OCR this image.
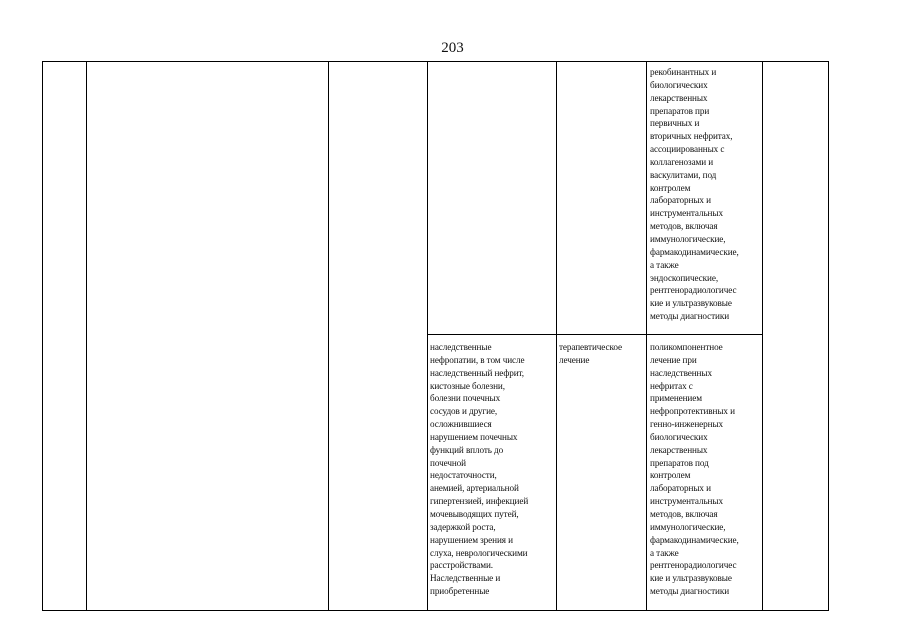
203
рекобинантных и
биологических
лекарственных
препаратов при
первичных и
вторичных нефритах,
ассоциированных с
коллагенозами и
васкулитами, под
контролем
лабораторных и
инструментальных
методов, включая
иммунологические,
фармакодинамические,
а также
эндоскопические,
рентгенорадиологичес
кие и ультразвуковые
методы диагностики
наследственные
нефропатии, в том числе
наследственный нефрит,
кистозные болезни,
болезни почечных
сосудов и другие,
осложнившиеся
нарушением почечных
функций вплоть до
почечной
недостаточности,
анемией, артериальной
гипертензией, инфекцией
мочевыводящих путей,
задержкой роста,
нарушением зрения и
слуха, неврологическими
расстройствами.
Наследственные и
приобретенные
терапевтическое
лечение
поликомпонентное
лечение при
наследственных
нефритах с
применением
нефропротективных и
генно-инженерных
биологических
лекарственных
препаратов под
контролем
лабораторных и
инструментальных
методов, включая
иммунологические,
фармакодинамические,
а также
рентгенорадиологичес
кие и ультразвуковые
методы диагностики
